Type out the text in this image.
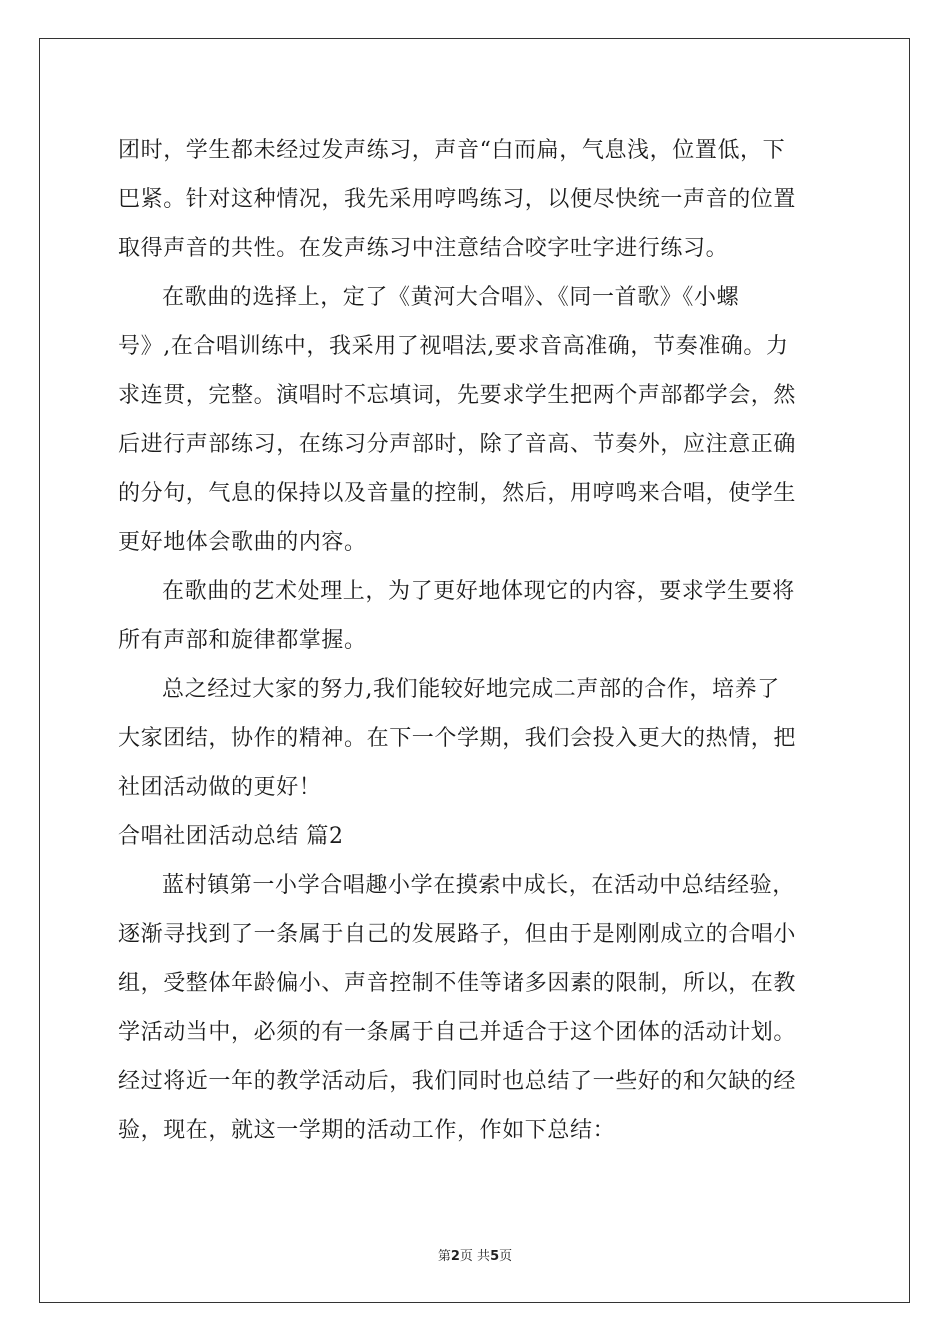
团时，学生都未经过发声练习，声音“白而扁，气息浅，位置低，下
巴紧。针对这种情况，我先采用哼鸣练习，以便尽快统一声音的位置
取得声音的共性。在发声练习中注意结合咬字吐字进行练习。
在歌曲的选择上，定了《黄河大合唱》、《同一首歌》《小螺
号》,在合唱训练中，我采用了视唱法,要求音高准确，节奏准确。力
求连贯，完整。演唱时不忘填词，先要求学生把两个声部都学会，然
后进行声部练习，在练习分声部时，除了音高、节奏外，应注意正确
的分句，气息的保持以及音量的控制，然后，用哼鸣来合唱，使学生
更好地体会歌曲的内容。
在歌曲的艺术处理上，为了更好地体现它的内容，要求学生要将
所有声部和旋律都掌握。
总之经过大家的努力,我们能较好地完成二声部的合作，培养了
大家团结，协作的精神。在下一个学期，我们会投入更大的热情，把
社团活动做的更好！
合唱社团活动总结 篇2
蓝村镇第一小学合唱趣小学在摸索中成长，在活动中总结经验，
逐渐寻找到了一条属于自己的发展路子，但由于是刚刚成立的合唱小
组，受整体年龄偏小、声音控制不佳等诸多因素的限制，所以，在教
学活动当中，必须的有一条属于自己并适合于这个团体的活动计划。
经过将近一年的教学活动后，我们同时也总结了一些好的和欠缺的经
验，现在，就这一学期的活动工作，作如下总结：
第2页 共5页
